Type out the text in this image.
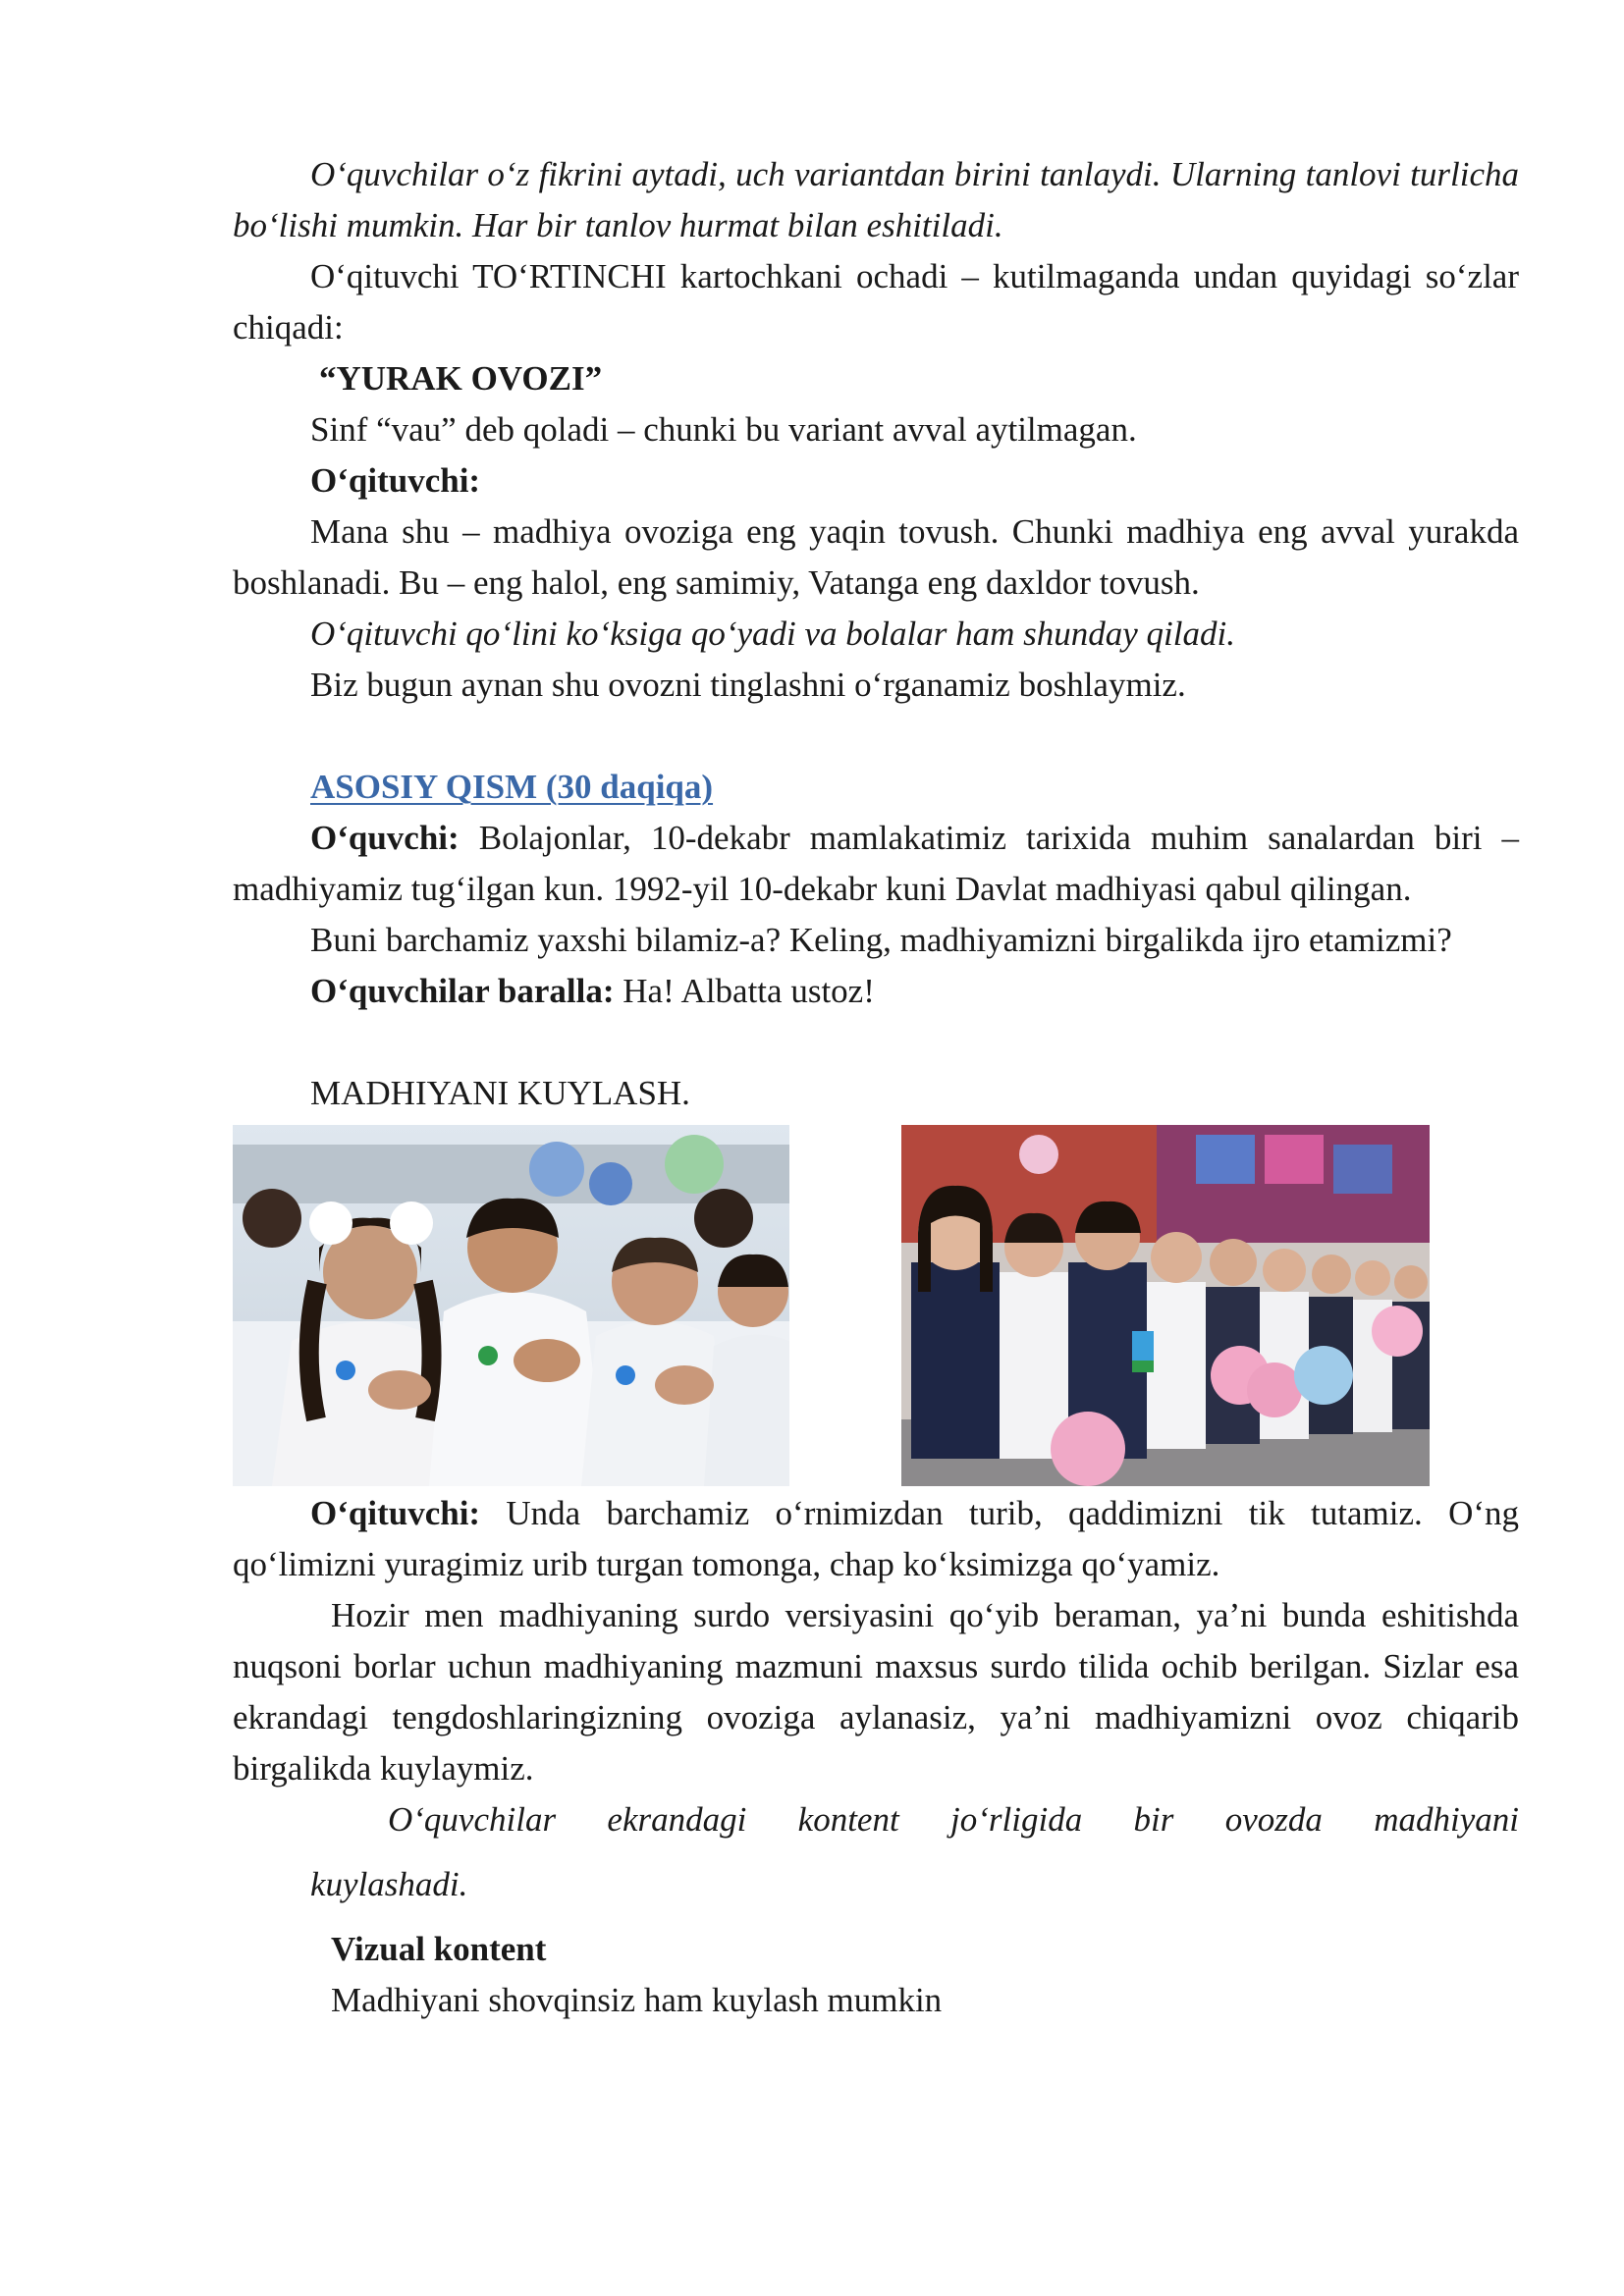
O‘quvchilar o‘z fikrini aytadi, uch variantdan birini tanlaydi. Ularning tanlovi turlicha bo‘lishi mumkin. Har bir tanlov hurmat bilan eshitiladi.

O‘qituvchi TO‘RTINCHI kartochkani ochadi – kutilmaganda undan quyidagi so‘zlar chiqadi:

“YURAK OVOZI”

Sinf “vau” deb qoladi – chunki bu variant avval aytilmagan.

O‘qituvchi:

Mana shu – madhiya ovoziga eng yaqin tovush. Chunki madhiya eng avval yurakda boshlanadi. Bu – eng halol, eng samimiy, Vatanga eng daxldor tovush.

O‘qituvchi qo‘lini ko‘ksiga qo‘yadi va bolalar ham shunday qiladi.

Biz bugun aynan shu ovozni tinglashni o‘rganamiz boshlaymiz.

ASOSIY QISM (30 daqiqa)

O‘quvchi: Bolajonlar, 10-dekabr mamlakatimiz tarixida muhim sanalardan biri – madhiyamiz tug‘ilgan kun. 1992-yil 10-dekabr kuni Davlat madhiyasi qabul qilingan.

Buni barchamiz yaxshi bilamiz-a? Keling, madhiyamizni birgalikda ijro etamizmi?

O‘quvchilar baralla: Ha! Albatta ustoz!

MADHIYANI KUYLASH.

O‘qituvchi: Unda barchamiz o‘rnimizdan turib, qaddimizni tik tutamiz. O‘ng qo‘limizni yuragimiz urib turgan tomonga, chap ko‘ksimizga qo‘yamiz.

Hozir men madhiyaning surdo versiyasini qo‘yib beraman, ya’ni bunda eshitishda nuqsoni borlar uchun madhiyaning mazmuni maxsus surdo tilida ochib berilgan. Sizlar esa ekrandagi tengdoshlaringizning ovoziga aylanasiz, ya’ni madhiyamizni ovoz chiqarib birgalikda kuylaymiz.

O‘quvchilar ekrandagi kontent jo‘rligida bir ovozda madhiyani

kuylashadi.

Vizual kontent

Madhiyani shovqinsiz ham kuylash mumkin
